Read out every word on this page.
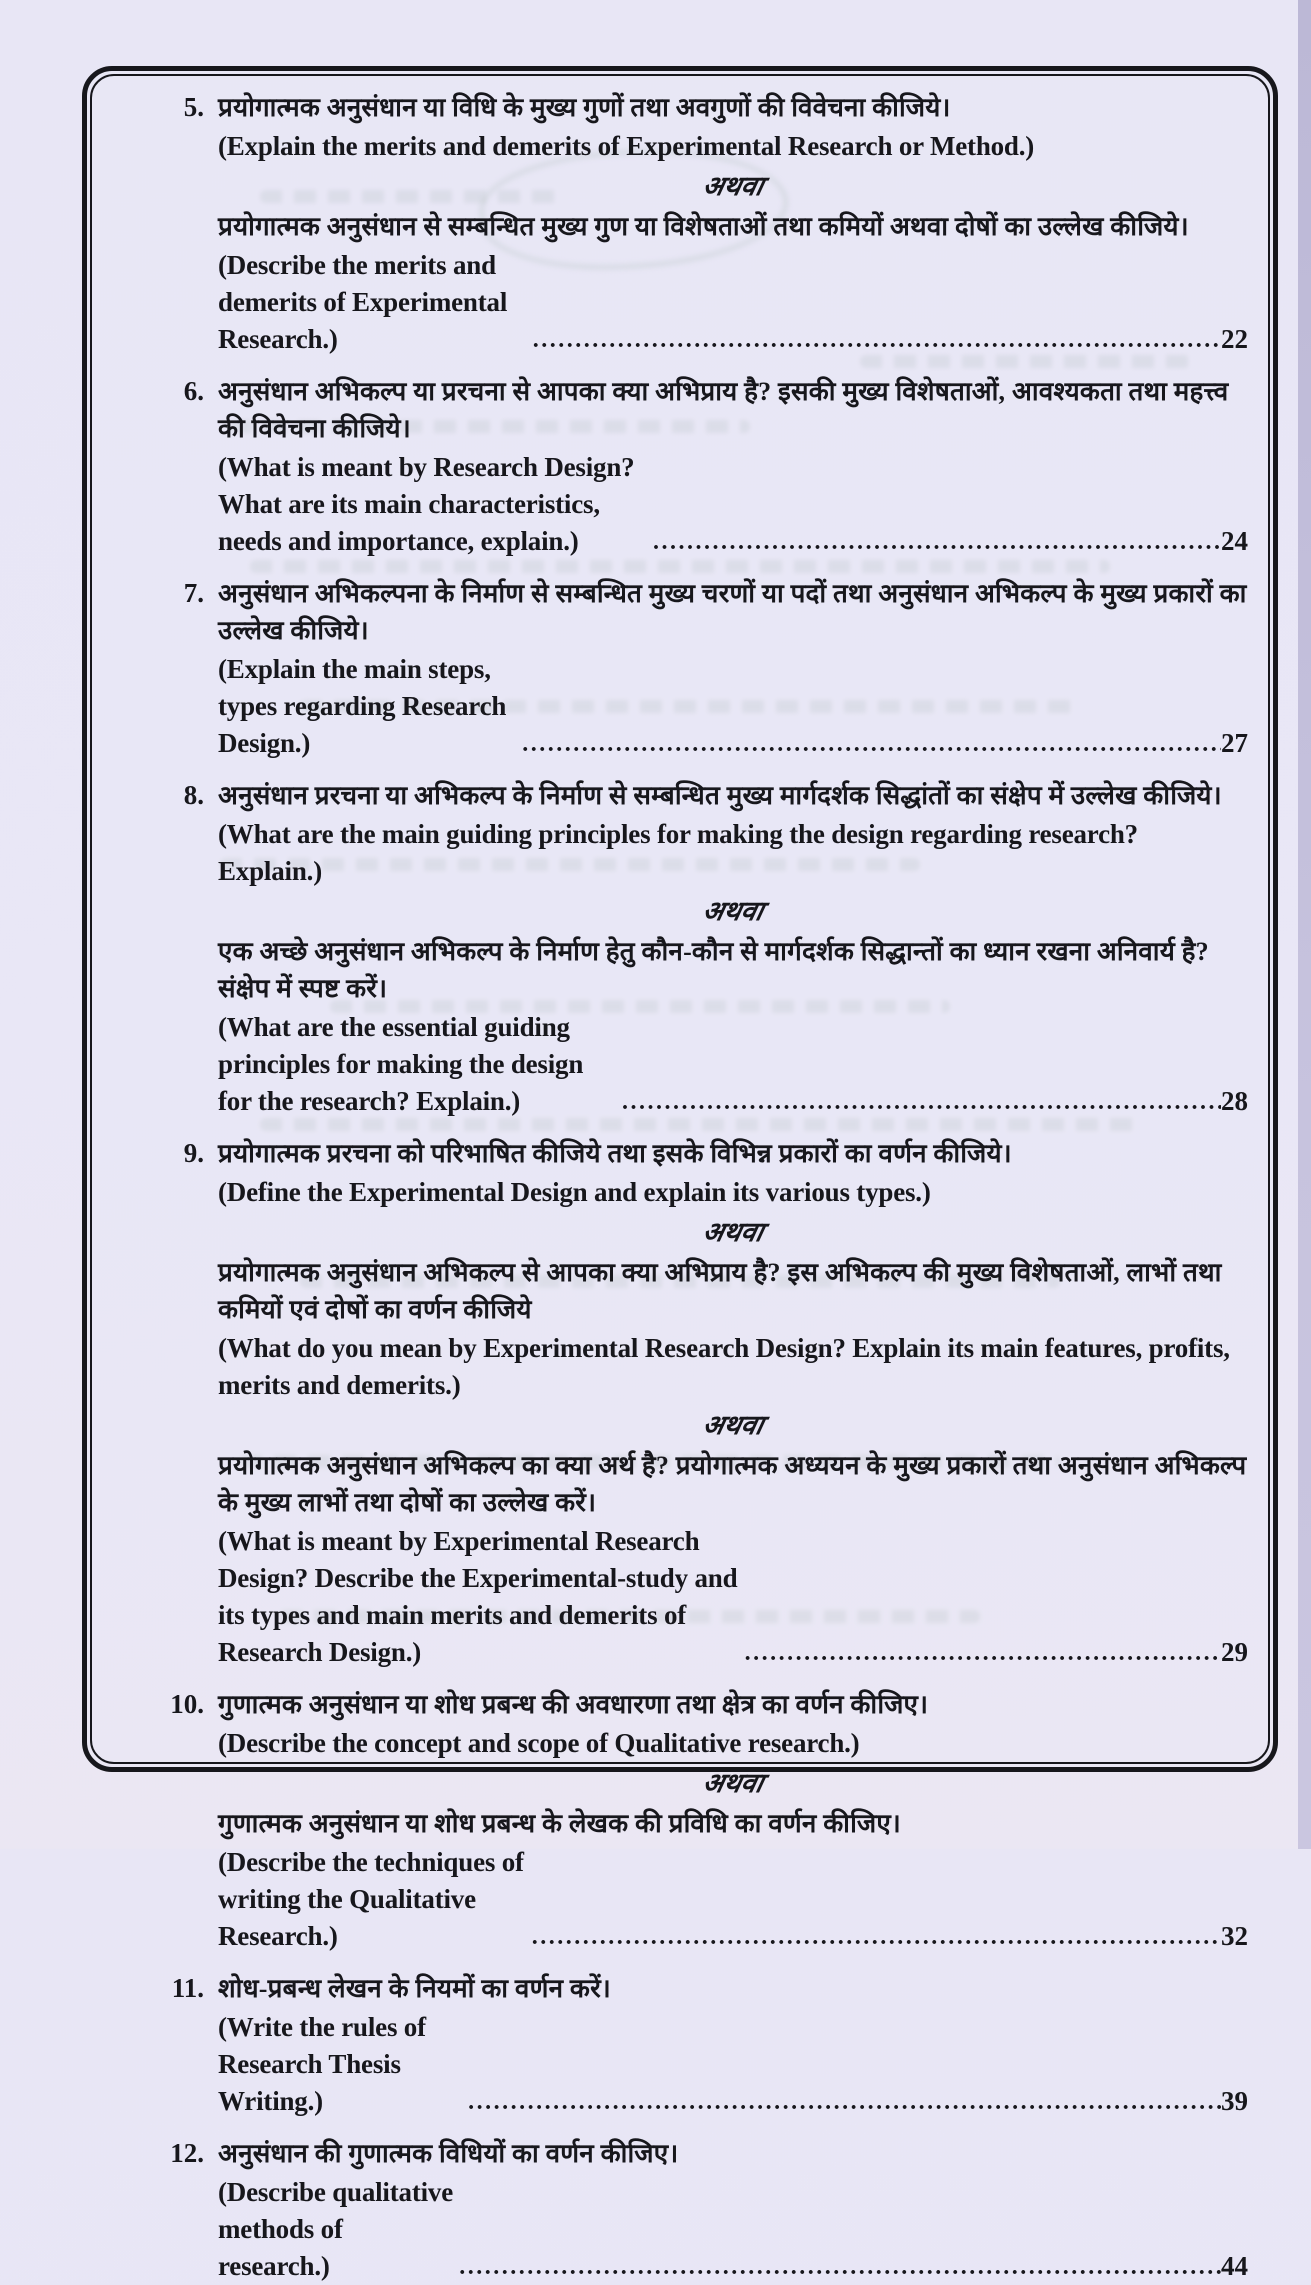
5. प्रयोगात्मक अनुसंधान या विधि के मुख्य गुणों तथा अवगुणों की विवेचना कीजिये।
(Explain the merits and demerits of Experimental Research or Method.)
अथवा
प्रयोगात्मक अनुसंधान से सम्बन्धित मुख्य गुण या विशेषताओं तथा कमियों अथवा दोषों का उल्लेख कीजिये।
(Describe the merits and demerits of Experimental Research.) .....	22
6. अनुसंधान अभिकल्प या प्ररचना से आपका क्या अभिप्राय है? इसकी मुख्य विशेषताओं, आवश्यकता तथा महत्त्व की विवेचना कीजिये।
(What is meant by Research Design? What are its main characteristics, needs and importance, explain.) .....	24
7. अनुसंधान अभिकल्पना के निर्माण से सम्बन्धित मुख्य चरणों या पदों तथा अनुसंधान अभिकल्प के मुख्य प्रकारों का उल्लेख कीजिये।
(Explain the main steps, types regarding Research Design.) .....	27
8. अनुसंधान प्ररचना या अभिकल्प के निर्माण से सम्बन्धित मुख्य मार्गदर्शक सिद्धांतों का संक्षेप में उल्लेख कीजिये।
(What are the main guiding principles for making the design regarding research? Explain.)
अथवा
एक अच्छे अनुसंधान अभिकल्प के निर्माण हेतु कौन-कौन से मार्गदर्शक सिद्धान्तों का ध्यान रखना अनिवार्य है? संक्षेप में स्पष्ट करें।
(What are the essential guiding principles for making the design for the research? Explain.) .....	28
9. प्रयोगात्मक प्ररचना को परिभाषित कीजिये तथा इसके विभिन्न प्रकारों का वर्णन कीजिये।
(Define the Experimental Design and explain its various types.)
अथवा
प्रयोगात्मक अनुसंधान अभिकल्प से आपका क्या अभिप्राय है? इस अभिकल्प की मुख्य विशेषताओं, लाभों तथा कमियों एवं दोषों का वर्णन कीजिये
(What do you mean by Experimental Research Design? Explain its main features, profits, merits and demerits.)
अथवा
प्रयोगात्मक अनुसंधान अभिकल्प का क्या अर्थ है? प्रयोगात्मक अध्ययन के मुख्य प्रकारों तथा अनुसंधान अभिकल्प के मुख्य लाभों तथा दोषों का उल्लेख करें।
(What is meant by Experimental Research Design? Describe the Experimental-study and its types and main merits and demerits of Research Design.) .....	29
10. गुणात्मक अनुसंधान या शोध प्रबन्ध की अवधारणा तथा क्षेत्र का वर्णन कीजिए।
(Describe the concept and scope of Qualitative research.)
अथवा
गुणात्मक अनुसंधान या शोध प्रबन्ध के लेखक की प्रविधि का वर्णन कीजिए।
(Describe the techniques of writing the Qualitative Research.) .....	32
11. शोध-प्रबन्ध लेखन के नियमों का वर्णन करें।
(Write the rules of Research Thesis Writing.) .....	39
12. अनुसंधान की गुणात्मक विधियों का वर्णन कीजिए।
(Describe qualitative methods of research.) .....	44
